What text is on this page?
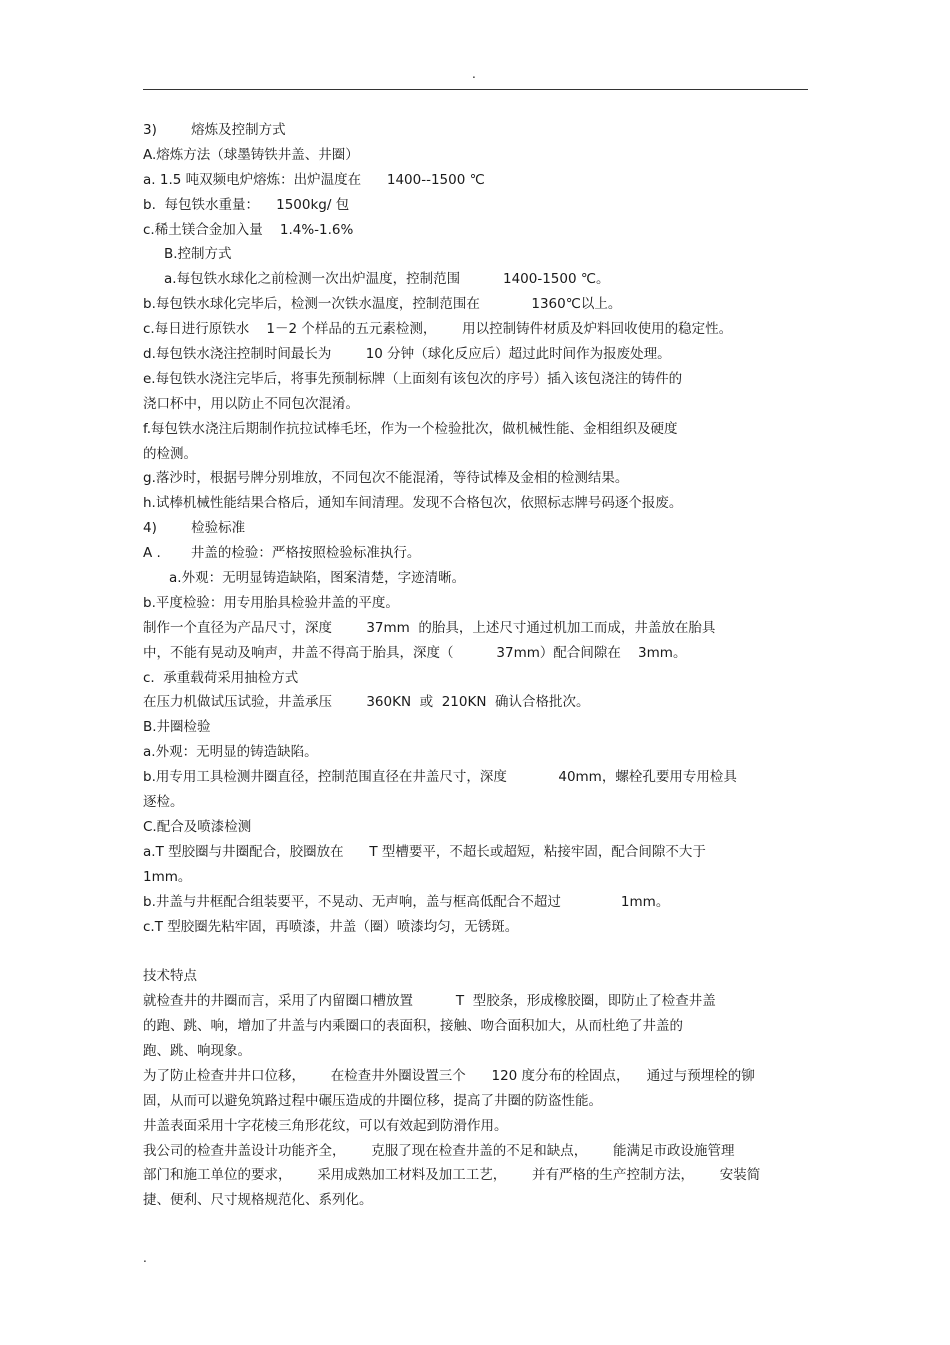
.
3)        熔炼及控制方式
A.熔炼方法（球墨铸铁井盖、井圈）
a. 1.5 吨双频电炉熔炼：出炉温度在      1400--1500 ℃
b.  每包铁水重量：    1500kg/ 包
c.稀土镁合金加入量    1.4%-1.6%
B.控制方式
a.每包铁水球化之前检测一次出炉温度，控制范围          1400-1500 ℃。
b.每包铁水球化完毕后，检测一次铁水温度，控制范围在            1360℃以上。
c.每日进行原铁水    1－2 个样品的五元素检测，      用以控制铸件材质及炉料回收使用的稳定性。
d.每包铁水浇注控制时间最长为        10 分钟（球化反应后）超过此时间作为报废处理。
e.每包铁水浇注完毕后，将事先预制标牌（上面刻有该包次的序号）插入该包浇注的铸件的
浇口杯中，用以防止不同包次混淆。
f.每包铁水浇注后期制作抗拉试棒毛坯，作为一个检验批次，做机械性能、金相组织及硬度
的检测。
g.落沙时，根据号牌分别堆放，不同包次不能混淆，等待试棒及金相的检测结果。
h.试棒机械性能结果合格后，通知车间清理。发现不合格包次，依照标志牌号码逐个报废。
4)        检验标准
A .       井盖的检验：严格按照检验标准执行。
a.外观：无明显铸造缺陷，图案清楚，字迹清晰。
b.平度检验：用专用胎具检验井盖的平度。
制作一个直径为产品尺寸，深度        37mm  的胎具，上述尺寸通过机加工而成，井盖放在胎具
中，不能有晃动及响声，井盖不得高于胎具，深度（          37mm）配合间隙在    3mm。
c.  承重载荷采用抽检方式
在压力机做试压试验，井盖承压        360KN  或  210KN  确认合格批次。
B.井圈检验
a.外观：无明显的铸造缺陷。
b.用专用工具检测井圈直径，控制范围直径在井盖尺寸，深度            40mm，螺栓孔要用专用检具
逐检。
C.配合及喷漆检测
a.T 型胶圈与井圈配合，胶圈放在      T 型槽要平，不超长或超短，粘接牢固，配合间隙不大于
1mm。
b.井盖与井框配合组装要平，不晃动、无声响，盖与框高低配合不超过              1mm。
c.T 型胶圈先粘牢固，再喷漆，井盖（圈）喷漆均匀，无锈斑。
技术特点
就检查井的井圈而言，采用了内留圈口槽放置          T  型胶条，形成橡胶圈，即防止了检查井盖
的跑、跳、响，增加了井盖与内乘圈口的表面积，接触、吻合面积加大，从而杜绝了井盖的
跑、跳、响现象。
为了防止检查井井口位移，      在检查井外圈设置三个      120 度分布的栓固点，    通过与预埋栓的铆
固，从而可以避免筑路过程中碾压造成的井圈位移，提高了井圈的防盗性能。
井盖表面采用十字花棱三角形花纹，可以有效起到防滑作用。
我公司的检查井盖设计功能齐全，      克服了现在检查井盖的不足和缺点，      能满足市政设施管理
部门和施工单位的要求，      采用成熟加工材料及加工工艺，      并有严格的生产控制方法，      安装简
捷、便利、尺寸规格规范化、系列化。
.
